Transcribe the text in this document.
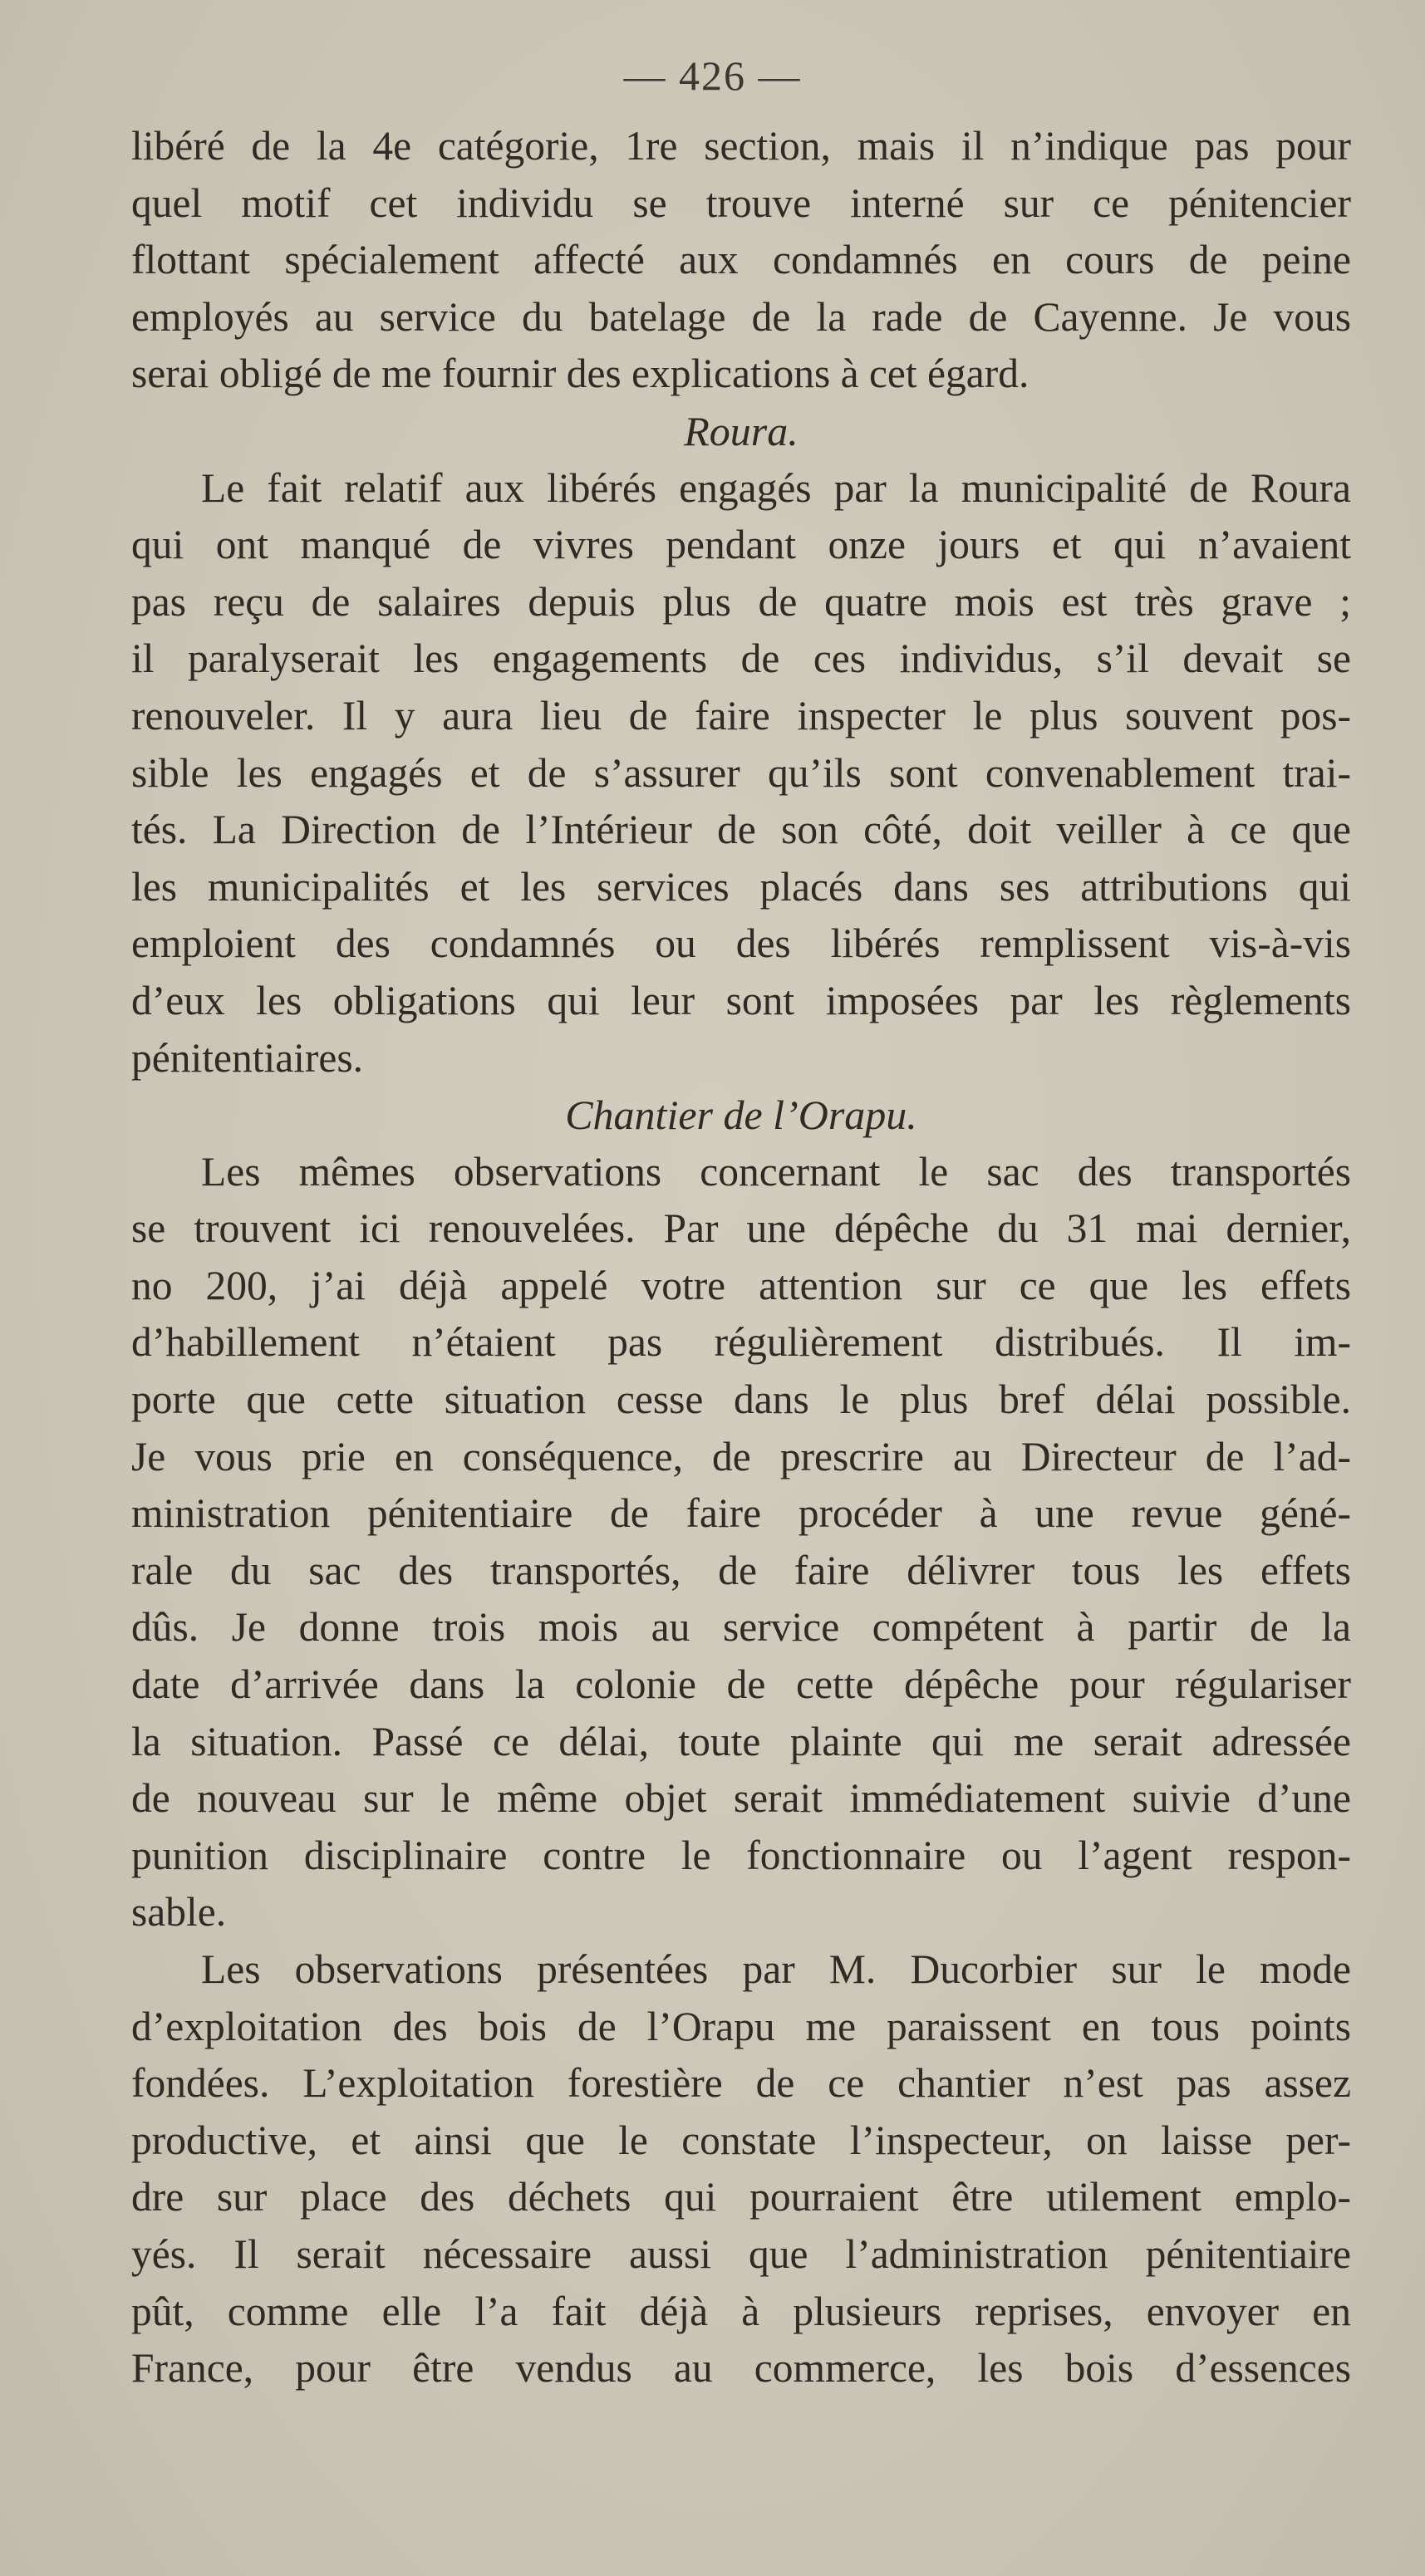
— 426 —
libéré de la 4e catégorie, 1re section, mais il n’indique pas pour
quel motif cet individu se trouve interné sur ce pénitencier
flottant spécialement affecté aux condamnés en cours de peine
employés au service du batelage de la rade de Cayenne. Je vous
serai obligé de me fournir des explications à cet égard.
Roura.
Le fait relatif aux libérés engagés par la municipalité de Roura
qui ont manqué de vivres pendant onze jours et qui n’avaient
pas reçu de salaires depuis plus de quatre mois est très grave ;
il paralyserait les engagements de ces individus, s’il devait se
renouveler. Il y aura lieu de faire inspecter le plus souvent pos-
sible les engagés et de s’assurer qu’ils sont convenablement trai-
tés. La Direction de l’Intérieur de son côté, doit veiller à ce que
les municipalités et les services placés dans ses attributions qui
emploient des condamnés ou des libérés remplissent vis-à-vis
d’eux les obligations qui leur sont imposées par les règlements
pénitentiaires.
Chantier de l’Orapu.
Les mêmes observations concernant le sac des transportés
se trouvent ici renouvelées. Par une dépêche du 31 mai dernier,
no 200, j’ai déjà appelé votre attention sur ce que les effets
d’habillement n’étaient pas régulièrement distribués. Il im-
porte que cette situation cesse dans le plus bref délai possible.
Je vous prie en conséquence, de prescrire au Directeur de l’ad-
ministration pénitentiaire de faire procéder à une revue géné-
rale du sac des transportés, de faire délivrer tous les effets
dûs. Je donne trois mois au service compétent à partir de la
date d’arrivée dans la colonie de cette dépêche pour régulariser
la situation. Passé ce délai, toute plainte qui me serait adressée
de nouveau sur le même objet serait immédiatement suivie d’une
punition disciplinaire contre le fonctionnaire ou l’agent respon-
sable.
Les observations présentées par M. Ducorbier sur le mode
d’exploitation des bois de l’Orapu me paraissent en tous points
fondées. L’exploitation forestière de ce chantier n’est pas assez
productive, et ainsi que le constate l’inspecteur, on laisse per-
dre sur place des déchets qui pourraient être utilement emplo-
yés. Il serait nécessaire aussi que l’administration pénitentiaire
pût, comme elle l’a fait déjà à plusieurs reprises, envoyer en
France, pour être vendus au commerce, les bois d’essences
